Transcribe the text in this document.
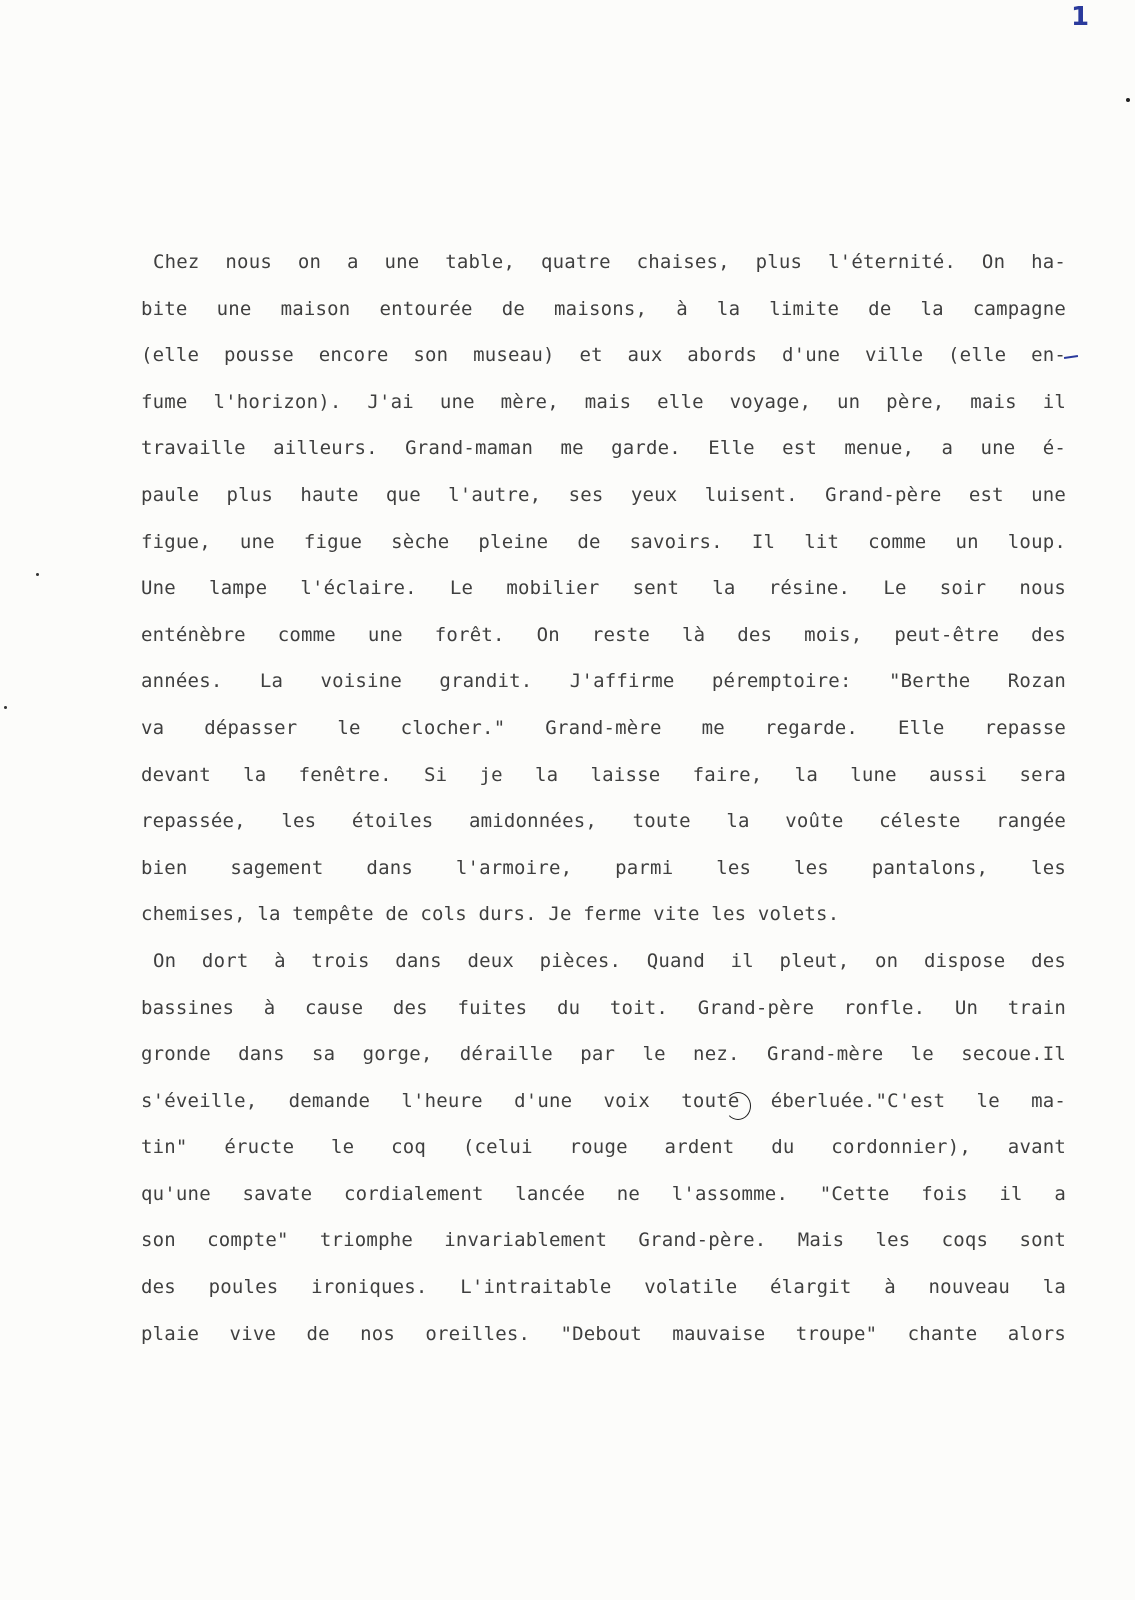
1
Chez nous on a une table, quatre chaises, plus l'éternité. On ha-
bite une maison entourée de maisons, à la limite de la campagne
(elle pousse encore son museau) et aux abords d'une ville (elle en-
fume l'horizon). J'ai une mère, mais elle voyage, un père, mais il
travaille ailleurs. Grand-maman me garde. Elle est menue, a une é-
paule plus haute que l'autre, ses yeux luisent. Grand-père est une
figue, une figue sèche pleine de savoirs. Il lit comme un loup.
Une lampe l'éclaire. Le mobilier sent la résine. Le soir nous
enténèbre comme une forêt. On reste là des mois, peut-être des
années. La voisine grandit. J'affirme péremptoire: "Berthe Rozan
va dépasser le clocher." Grand-mère me regarde. Elle repasse
devant la fenêtre. Si je la laisse faire, la lune aussi sera
repassée, les étoiles amidonnées, toute la voûte céleste rangée
bien sagement dans l'armoire, parmi les les pantalons, les
chemises, la tempête de cols durs. Je ferme vite les volets.
On dort à trois dans deux pièces. Quand il pleut, on dispose des
bassines à cause des fuites du toit. Grand-père ronfle. Un train
gronde dans sa gorge, déraille par le nez. Grand-mère le secoue.Il
s'éveille, demande l'heure d'une voix toute éberluée."C'est le ma-
tin" éructe le coq (celui rouge ardent du cordonnier), avant
qu'une savate cordialement lancée ne l'assomme. "Cette fois il a
son compte" triomphe invariablement Grand-père. Mais les coqs sont
des poules ironiques. L'intraitable volatile élargit à nouveau la
plaie vive de nos oreilles. "Debout mauvaise troupe" chante alors
